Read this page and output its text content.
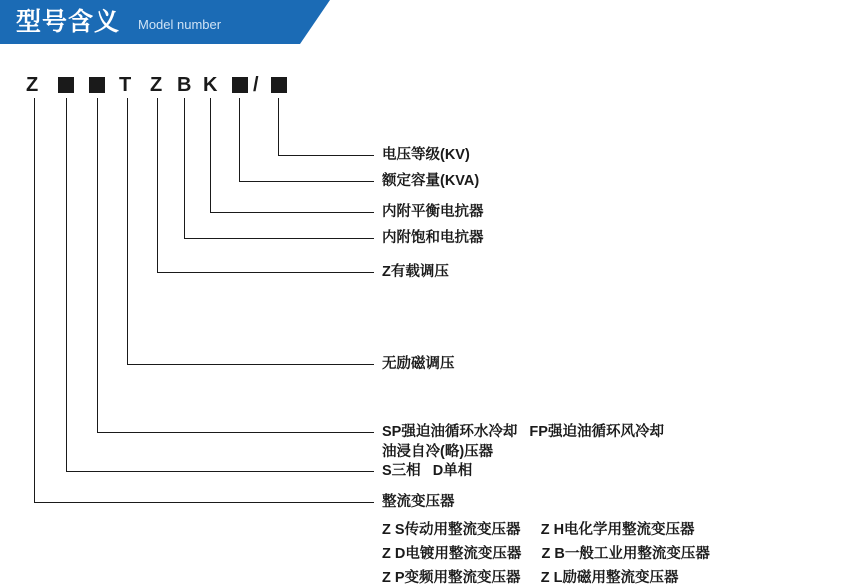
型号含义 Model number
Z	T Z B K /
电压等级(KV)
额定容量(KVA)
内附平衡电抗器
内附饱和电抗器
Z有载调压
无励磁调压
SP强迫油循环水冷却   FP强迫油循环风冷却
S三相   D单相
整流变压器
油浸自冷(略)压器
Z S传动用整流变压器     Z H电化学用整流变压器
Z D电镀用整流变压器     Z B一般工业用整流变压器
Z P变频用整流变压器     Z L励磁用整流变压器
